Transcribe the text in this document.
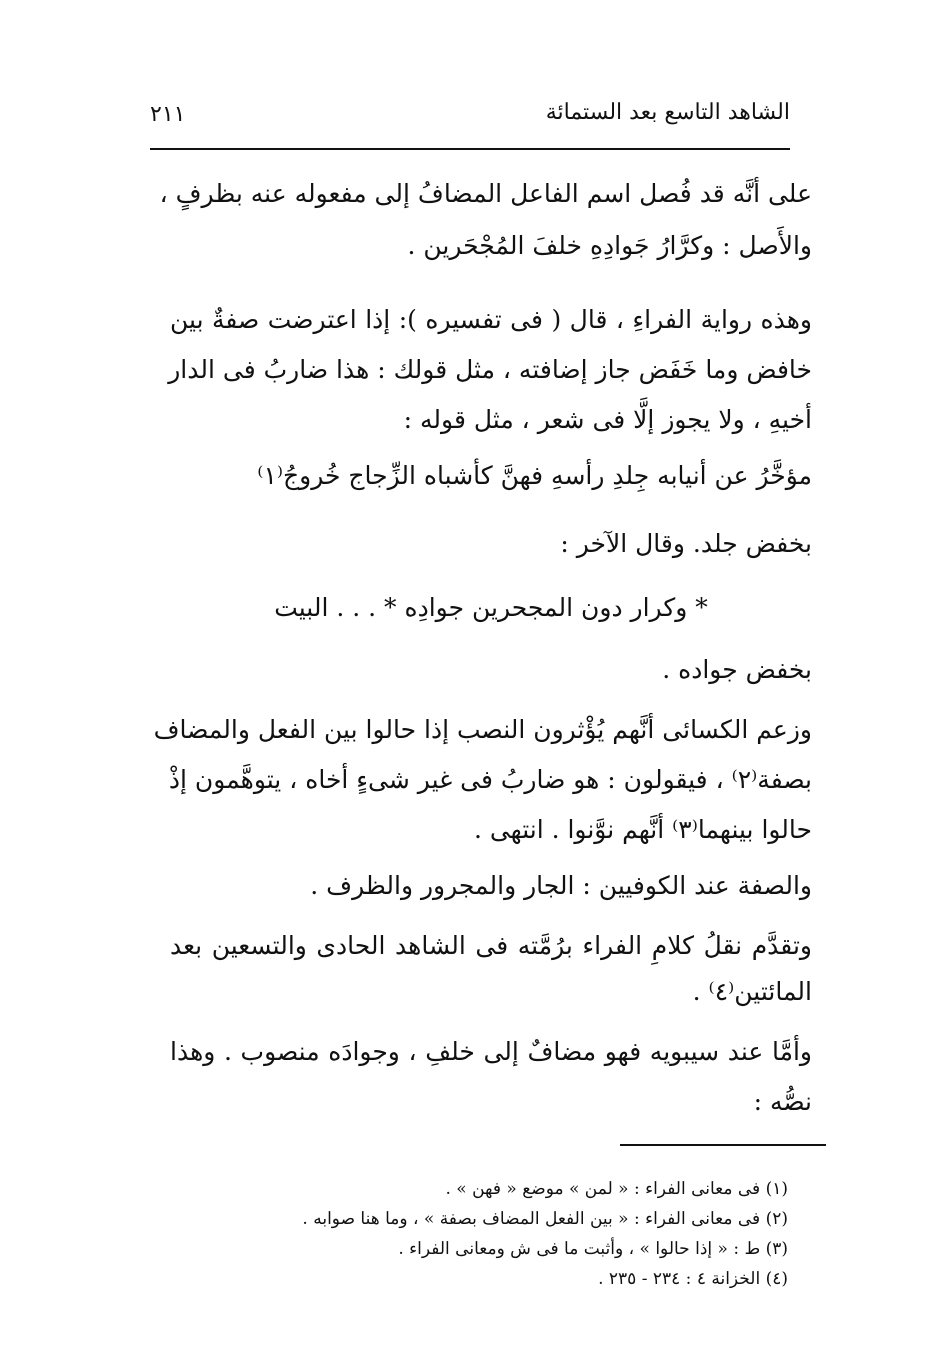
الشاهد التاسع بعد الستمائة
٢١١
على أنَّه قد فُصل اسم الفاعل المضافُ إلى مفعوله عنه بظرفٍ ،
والأَصل : وكرَّارُ جَوادِهِ خلفَ المُجْحَرين .
وهذه رواية الفراءِ ، قال ( فى تفسيره ): إذا اعترضت صفةٌ بين
خافض وما خَفَض جاز إضافته ، مثل قولك : هذا ضاربُ فى الدار
أخيهِ ، ولا يجوز إلَّا فى شعر ، مثل قوله :
مؤخَّرُ عن أنيابه جِلدِ رأسهِ فهنَّ كأشباه الزِّجاج خُروجُ⁽١⁾
بخفض جلد. وقال الآخر :
* وكرار دون المجحرين جوادِه * . . . البيت
بخفض جواده .
وزعم الكسائى أنَّهم يُؤْثرون النصب إذا حالوا بين الفعل والمضاف
بصفة⁽٢⁾ ، فيقولون : هو ضاربُ فى غير شىءٍ أخاه ، يتوهَّمون إذْ
حالوا بينهما⁽٣⁾ أنَّهم نوَّنوا . انتهى .
والصفة عند الكوفيين : الجار والمجرور والظرف .
وتقدَّم نقلُ كلامِ الفراء برُمَّته فى الشاهد الحادى والتسعين بعد
المائتين⁽٤⁾ .
وأمَّا عند سيبويه فهو مضافٌ إلى خلفِ ، وجوادَه منصوب . وهذا
نصُّه :
(١) فى معانى الفراء : « لمن » موضع « فهن » .
(٢) فى معانى الفراء : « بين الفعل المضاف بصفة » ، وما هنا صوابه .
(٣) ط : « إذا حالوا » ، وأثبت ما فى ش ومعانى الفراء .
(٤) الخزانة ٤ : ٢٣٤ - ٢٣٥ .
